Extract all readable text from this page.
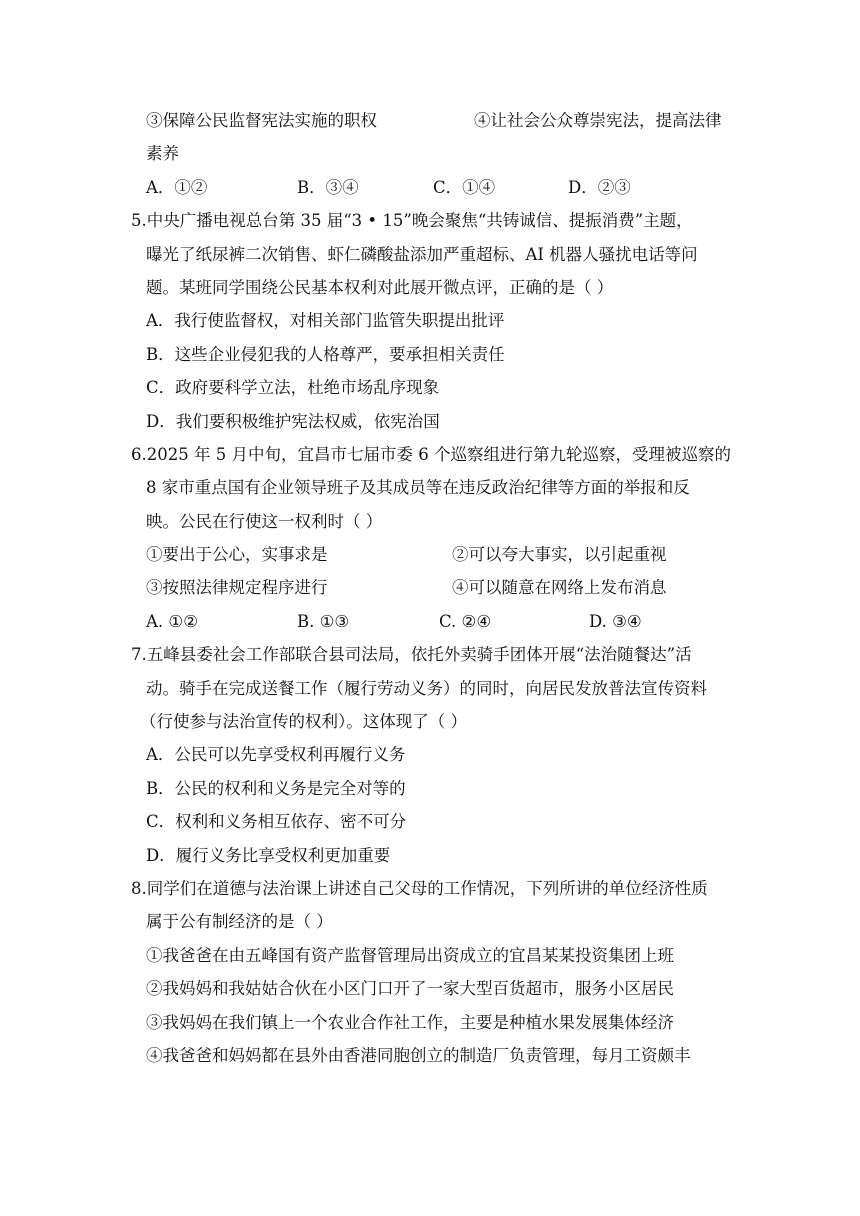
③保障公民监督宪法实施的职权	④让社会公众尊崇宪法，提高法律
素养
A．①②	B．③④	C．①④	D．②③
5.中央广播电视总台第 35 届“3 • 15”晚会聚焦“共铸诚信、提振消费”主题，
曝光了纸尿裤二次销售、虾仁磷酸盐添加严重超标、AI 机器人骚扰电话等问
题。某班同学围绕公民基本权利对此展开微点评，正确的是（ ）
A．我行使监督权，对相关部门监管失职提出批评
B．这些企业侵犯我的人格尊严，要承担相关责任
C．政府要科学立法，杜绝市场乱序现象
D．我们要积极维护宪法权威，依宪治国
6.2025 年 5 月中旬，宜昌市七届市委 6 个巡察组进行第九轮巡察，受理被巡察的
8 家市重点国有企业领导班子及其成员等在违反政治纪律等方面的举报和反
映。公民在行使这一权利时（ ）
①要出于公心，实事求是	②可以夸大事实，以引起重视
③按照法律规定程序进行	④可以随意在网络上发布消息
A. ①②	B. ①③	C. ②④	D. ③④
7.五峰县委社会工作部联合县司法局，依托外卖骑手团体开展“法治随餐达”活
动。骑手在完成送餐工作（履行劳动义务）的同时，向居民发放普法宣传资料
（行使参与法治宣传的权利）。这体现了（ ）
A．公民可以先享受权利再履行义务
B．公民的权利和义务是完全对等的
C．权利和义务相互依存、密不可分
D．履行义务比享受权利更加重要
8.同学们在道德与法治课上讲述自己父母的工作情况，下列所讲的单位经济性质
属于公有制经济的是（ ）
①我爸爸在由五峰国有资产监督管理局出资成立的宜昌某某投资集团上班
②我妈妈和我姑姑合伙在小区门口开了一家大型百货超市，服务小区居民
③我妈妈在我们镇上一个农业合作社工作，主要是种植水果发展集体经济
④我爸爸和妈妈都在县外由香港同胞创立的制造厂负责管理，每月工资颇丰
